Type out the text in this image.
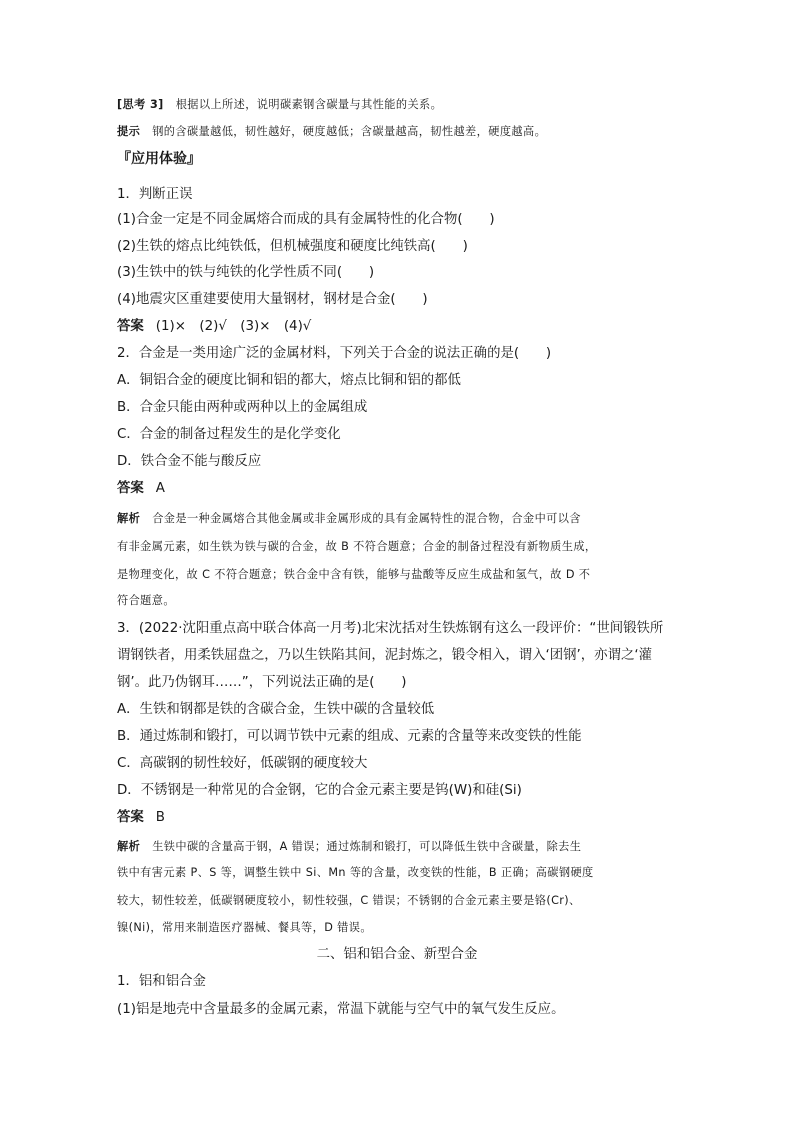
[思考 3] 根据以上所述，说明碳素钢含碳量与其性能的关系。
提示 钢的含碳量越低，韧性越好，硬度越低；含碳量越高，韧性越差，硬度越高。
『应用体验』
1．判断正误
(1)合金一定是不同金属熔合而成的具有金属特性的化合物(　　)
(2)生铁的熔点比纯铁低，但机械强度和硬度比纯铁高(　　)
(3)生铁中的铁与纯铁的化学性质不同(　　)
(4)地震灾区重建要使用大量钢材，钢材是合金(　　)
答案 (1)×　(2)√　(3)×　(4)√
2．合金是一类用途广泛的金属材料，下列关于合金的说法正确的是(　　)
A．铜铝合金的硬度比铜和铝的都大，熔点比铜和铝的都低
B．合金只能由两种或两种以上的金属组成
C．合金的制备过程发生的是化学变化
D．铁合金不能与酸反应
答案 A
解析 合金是一种金属熔合其他金属或非金属形成的具有金属特性的混合物，合金中可以含
有非金属元素，如生铁为铁与碳的合金，故 B 不符合题意；合金的制备过程没有新物质生成，
是物理变化，故 C 不符合题意；铁合金中含有铁，能够与盐酸等反应生成盐和氢气，故 D 不
符合题意。
3．(2022·沈阳重点高中联合体高一月考)北宋沈括对生铁炼钢有这么一段评价：“世间锻铁所
谓钢铁者，用柔铁屈盘之，乃以生铁陷其间，泥封炼之，锻令相入，谓入‘团钢’，亦谓之‘灌
钢’。此乃伪钢耳……”，下列说法正确的是(　　)
A．生铁和钢都是铁的含碳合金，生铁中碳的含量较低
B．通过炼制和锻打，可以调节铁中元素的组成、元素的含量等来改变铁的性能
C．高碳钢的韧性较好，低碳钢的硬度较大
D．不锈钢是一种常见的合金钢，它的合金元素主要是钨(W)和硅(Si)
答案 B
解析 生铁中碳的含量高于钢，A 错误；通过炼制和锻打，可以降低生铁中含碳量，除去生
铁中有害元素 P、S 等，调整生铁中 Si、Mn 等的含量，改变铁的性能，B 正确；高碳钢硬度
较大，韧性较差，低碳钢硬度较小，韧性较强，C 错误；不锈钢的合金元素主要是铬(Cr)、
镍(Ni)，常用来制造医疗器械、餐具等，D 错误。
二、铝和铝合金、新型合金
1．铝和铝合金
(1)铝是地壳中含量最多的金属元素，常温下就能与空气中的氧气发生反应。
